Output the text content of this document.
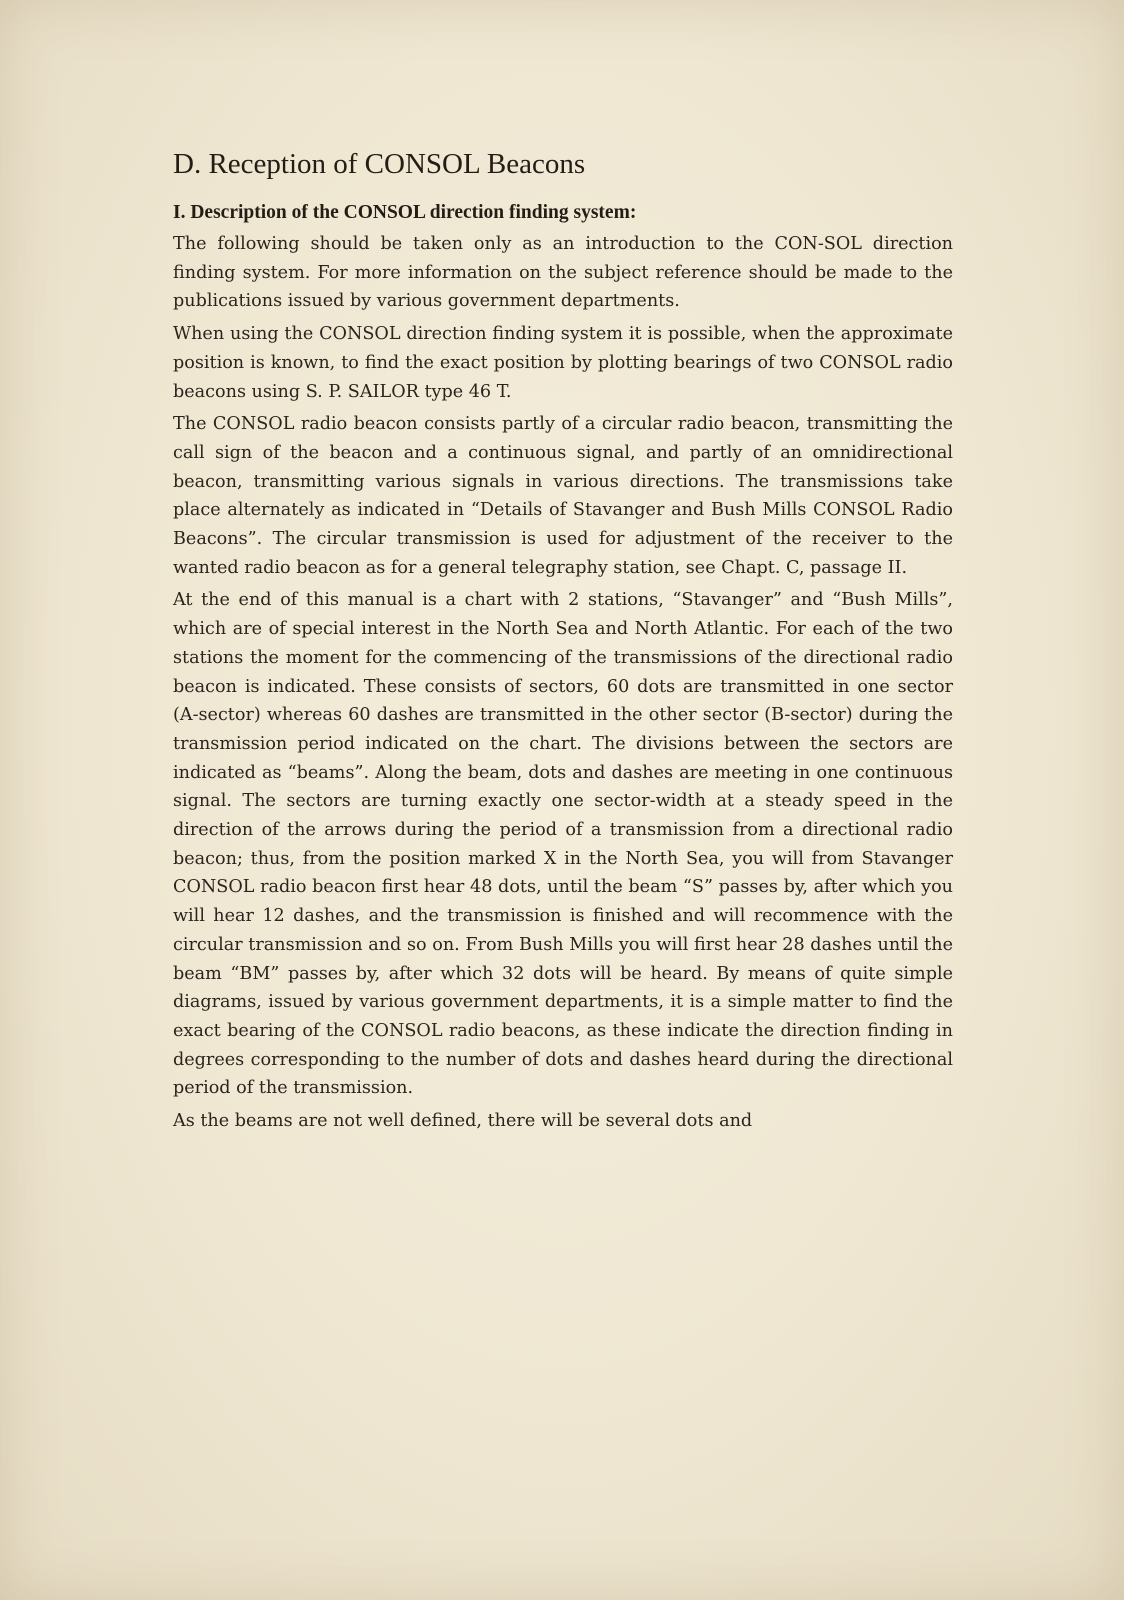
D. Reception of CONSOL Beacons
I. Description of the CONSOL direction finding system:

The following should be taken only as an introduction to the CON-SOL direction finding system. For more information on the subject reference should be made to the publications issued by various government departments.

When using the CONSOL direction finding system it is possible, when the approximate position is known, to find the exact position by plotting bearings of two CONSOL radio beacons using S. P. SAILOR type 46 T.

The CONSOL radio beacon consists partly of a circular radio beacon, transmitting the call sign of the beacon and a continuous signal, and partly of an omnidirectional beacon, transmitting various signals in various directions. The transmissions take place alternately as indicated in “Details of Stavanger and Bush Mills CONSOL Radio Beacons”. The circular transmission is used for adjustment of the receiver to the wanted radio beacon as for a general telegraphy station, see Chapt. C, passage II.

At the end of this manual is a chart with 2 stations, “Stavanger” and “Bush Mills”, which are of special interest in the North Sea and North Atlantic. For each of the two stations the moment for the commencing of the transmissions of the directional radio beacon is indicated. These consists of sectors, 60 dots are transmitted in one sector (A-sector) whereas 60 dashes are transmitted in the other sector (B-sector) during the transmission period indicated on the chart. The divisions between the sectors are indicated as “beams”. Along the beam, dots and dashes are meeting in one continuous signal. The sectors are turning exactly one sector-width at a steady speed in the direction of the arrows during the period of a transmission from a directional radio beacon; thus, from the position marked X in the North Sea, you will from Stavanger CONSOL radio beacon first hear 48 dots, until the beam “S” passes by, after which you will hear 12 dashes, and the transmission is finished and will recommence with the circular transmission and so on. From Bush Mills you will first hear 28 dashes until the beam “BM” passes by, after which 32 dots will be heard. By means of quite simple diagrams, issued by various government departments, it is a simple matter to find the exact bearing of the CONSOL radio beacons, as these indicate the direction finding in degrees corresponding to the number of dots and dashes heard during the directional period of the transmission.

As the beams are not well defined, there will be several dots and
